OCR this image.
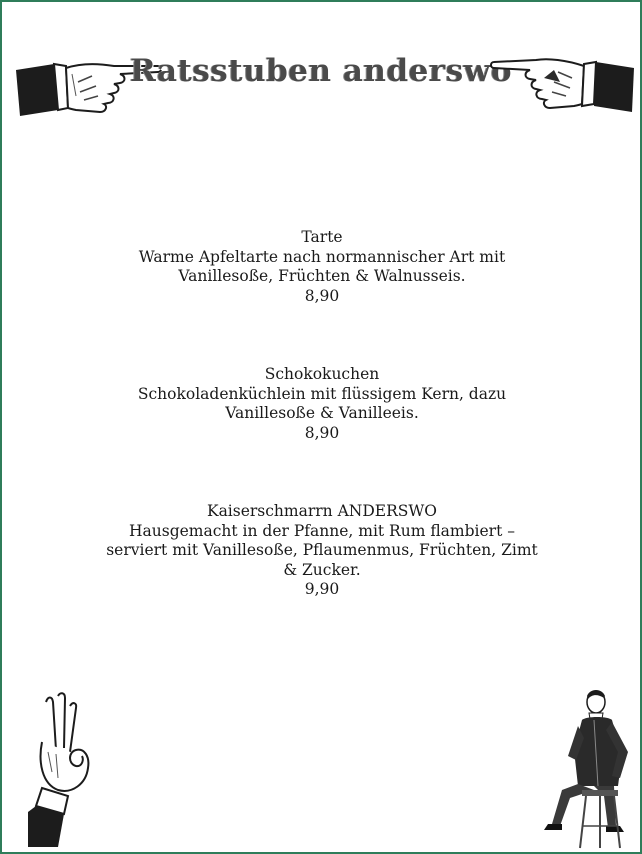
Ratsstuben anderswo
Tarte
Warme Apfeltarte nach normannischer Art mit
Vanillesoße, Früchten & Walnusseis.
8,90
Schokokuchen
Schokoladenküchlein mit flüssigem Kern, dazu
Vanillesoße & Vanilleeis.
8,90
Kaiserschmarrn ANDERSWO
Hausgemacht in der Pfanne, mit Rum flambiert –
serviert mit Vanillesoße, Pflaumenmus, Früchten, Zimt
& Zucker.
9,90
